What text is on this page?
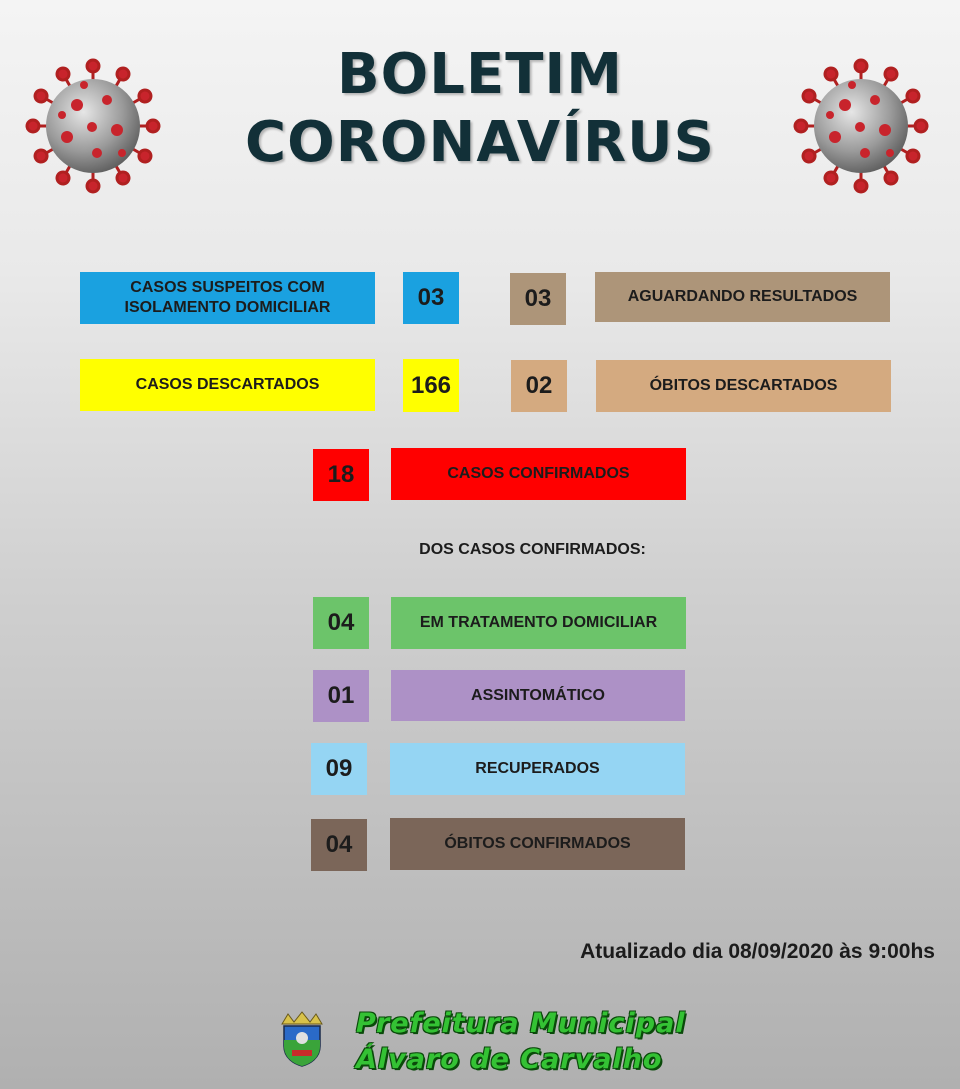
BOLETIM
CORONAVÍRUS
CASOS SUSPEITOS COM
ISOLAMENTO DOMICILIAR	03	03	AGUARDANDO RESULTADOS
CASOS DESCARTADOS	166	02	ÓBITOS DESCARTADOS
18	CASOS CONFIRMADOS
DOS CASOS CONFIRMADOS:
04	EM TRATAMENTO DOMICILIAR
01	ASSINTOMÁTICO
09	RECUPERADOS
04	ÓBITOS CONFIRMADOS
Atualizado dia 08/09/2020 às 9:00hs
Prefeitura Municipal
Álvaro de Carvalho
